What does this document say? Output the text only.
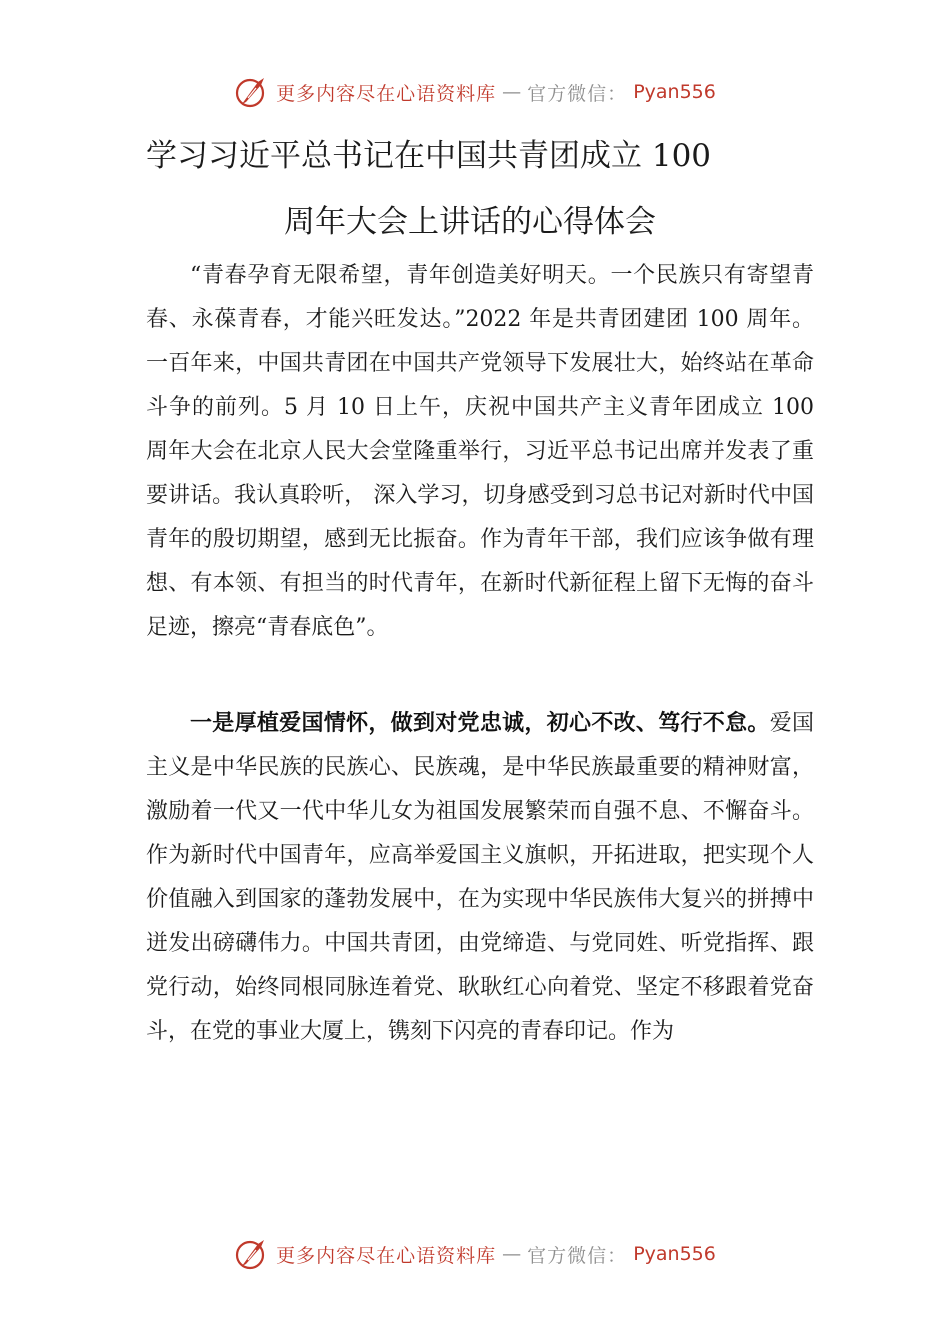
更多内容尽在心语资料库 — 官方微信： Pyan556
学习习近平总书记在中国共青团成立 100
周年大会上讲话的心得体会
“青春孕育无限希望，青年创造美好明天。一个民族只有寄望青春、永葆青春，才能兴旺发达。”2022 年是共青团建团 100 周年。一百年来，中国共青团在中国共产党领导下发展壮大，始终站在革命斗争的前列。5 月 10 日上午，庆祝中国共产主义青年团成立 100 周年大会在北京人民大会堂隆重举行，习近平总书记出席并发表了重要讲话。我认真聆听， 深入学习，切身感受到习总书记对新时代中国青年的殷切期望，感到无比振奋。作为青年干部，我们应该争做有理想、有本领、有担当的时代青年，在新时代新征程上留下无悔的奋斗足迹，擦亮“青春底色”。
一是厚植爱国情怀，做到对党忠诚，初心不改、笃行不怠。爱国主义是中华民族的民族心、民族魂，是中华民族最重要的精神财富，激励着一代又一代中华儿女为祖国发展繁荣而自强不息、不懈奋斗。作为新时代中国青年，应高举爱国主义旗帜，开拓进取，把实现个人价值融入到国家的蓬勃发展中，在为实现中华民族伟大复兴的拼搏中迸发出磅礴伟力。中国共青团，由党缔造、与党同姓、听党指挥、跟党行动，始终同根同脉连着党、耿耿红心向着党、坚定不移跟着党奋斗，在党的事业大厦上，镌刻下闪亮的青春印记。作为
更多内容尽在心语资料库 — 官方微信： Pyan556
